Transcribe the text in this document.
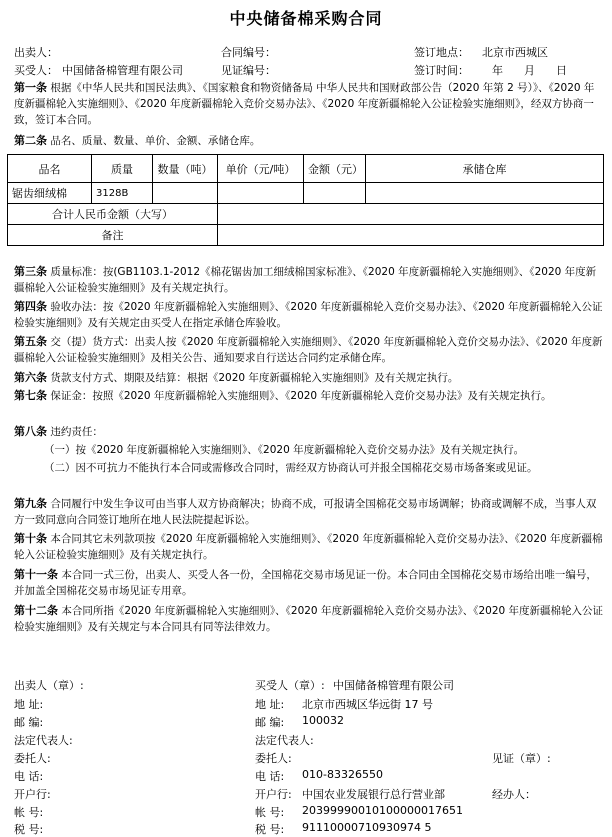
中央储备棉采购合同
出卖人：	合同编号：	签订地点： 北京市西城区
买受人： 中国储备棉管理有限公司	见证编号：	签订时间： 年 月 日
第一条 根据《中华人民共和国民法典》、《国家粮食和物资储备局 中华人民共和国财政部公告（2020 年第 2 号）》、《2020 年度新疆棉轮入实施细则》、《2020 年度新疆棉轮入竞价交易办法》、《2020 年度新疆棉轮入公证检验实施细则》，经双方协商一致，签订本合同。
第二条 品名、质量、数量、单价、金额、承储仓库。
品名	质量	数量（吨）	单价（元/吨）	金额（元）	承储仓库
锯齿细绒棉	3128B				
合计人民币金额（大写）					
备注					
第三条 质量标准：按(GB1103.1-2012《棉花锯齿加工细绒棉国家标准》、《2020 年度新疆棉轮入实施细则》、《2020 年度新疆棉轮入公证检验实施细则》及有关规定执行。
第四条 验收办法：按《2020 年度新疆棉轮入实施细则》、《2020 年度新疆棉轮入竞价交易办法》、《2020 年度新疆棉轮入公证检验实施细则》及有关规定由买受人在指定承储仓库验收。
第五条 交（提）货方式：出卖人按《2020 年度新疆棉轮入实施细则》、《2020 年度新疆棉轮入竞价交易办法》、《2020 年度新疆棉轮入公证检验实施细则》及相关公告、通知要求自行送达合同约定承储仓库。
第六条 货款支付方式、期限及结算：根据《2020 年度新疆棉轮入实施细则》及有关规定执行。
第七条 保证金：按照《2020 年度新疆棉轮入实施细则》、《2020 年度新疆棉轮入竞价交易办法》及有关规定执行。
第八条 违约责任：
（一）按《2020 年度新疆棉轮入实施细则》、《2020 年度新疆棉轮入竞价交易办法》及有关规定执行。
（二）因不可抗力不能执行本合同或需修改合同时，需经双方协商认可并报全国棉花交易市场备案或见证。
第九条 合同履行中发生争议可由当事人双方协商解决；协商不成，可报请全国棉花交易市场调解；协商或调解不成，当事人双方一致同意向合同签订地所在地人民法院提起诉讼。
第十条 本合同其它未列款项按《2020 年度新疆棉轮入实施细则》、《2020 年度新疆棉轮入竞价交易办法》、《2020 年度新疆棉轮入公证检验实施细则》及有关规定执行。
第十一条 本合同一式三份，出卖人、买受人各一份，全国棉花交易市场见证一份。本合同由全国棉花交易市场给出唯一编号，并加盖全国棉花交易市场见证专用章。
第十二条 本合同所指《2020 年度新疆棉轮入实施细则》、《2020 年度新疆棉轮入竞价交易办法》、《2020 年度新疆棉轮入公证检验实施细则》及有关规定与本合同具有同等法律效力。
出卖人（章）:
地 址:
邮 编:
法定代表人:
委托人:
电 话:
开户行:
帐 号:
税 号:
买受人（章）: 中国储备棉管理有限公司
地 址: 北京市西城区华远街 17 号
邮 编: 100032
法定代表人:
委托人:
电 话: 010-83326550
开户行: 中国农业发展银行总行营业部
帐 号: 20399990010100000017651
税 号: 91110000710930974 5
见证（章）:
经办人：
